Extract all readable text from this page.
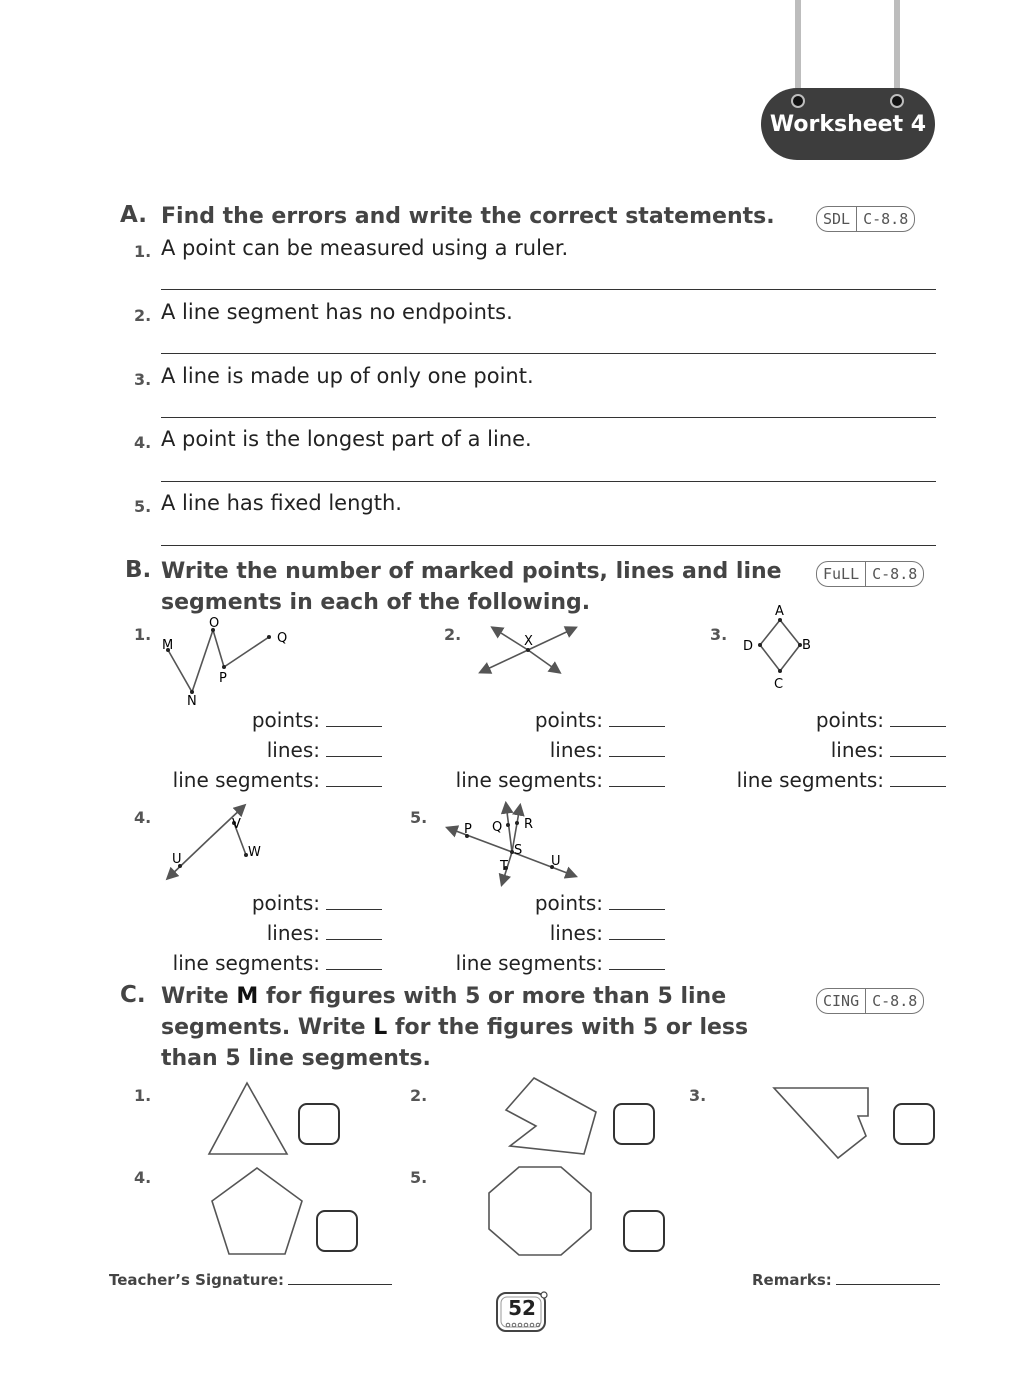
Worksheet 4
A. Find the errors and write the correct statements.	SDL C-8.8
1. A point can be measured using a ruler.
2. A line segment has no endpoints.
3. A line is made up of only one point.
4. A point is the longest part of a line.
5. A line has fixed length.
B. Write the number of marked points, lines and line
segments in each of the following.
FuLL C-8.8
1.
M
O
Q
P
N
2.	X	3.
A
D	B
C
points:
lines:
line segments:
points:
lines:
line segments:
points:
lines:
line segments:
4.	V
U	W
5.
P Q R
S
T	U
points:
lines:
line segments:
points:
lines:
line segments:
C. Write M for figures with 5 or more than 5 line
segments. Write L for the figures with 5 or less
than 5 line segments.
CING C-8.8
1.	2.	3.
4.	5.
Teacher’s Signature:	Remarks:
52
